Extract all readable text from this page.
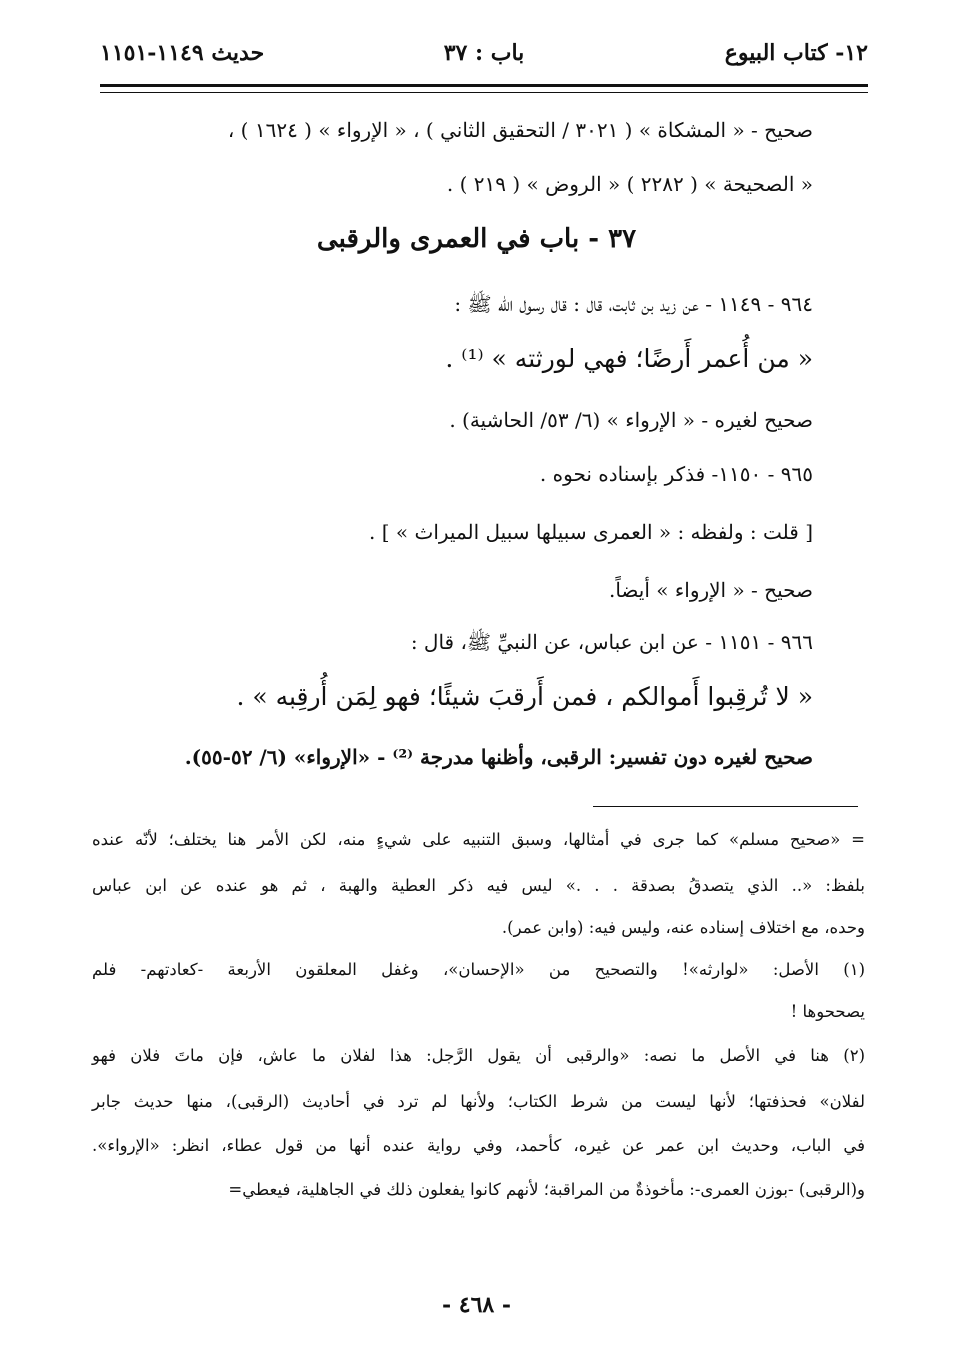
١٢- كتاب البيوع
باب : ٣٧
حديث ١١٤٩-١١٥١
صحيح - « المشكاة » ( ٣٠٢١ / التحقيق الثاني ) ، « الإرواء » ( ١٦٢٤ ) ،
« الصحيحة » ( ٢٢٨٢ ) « الروض » ( ٢١٩ ) .
٣٧ - باب في العمرى والرقبى
٩٦٤ - ١١٤٩ - عن زيد بن ثابت، قال : قال رسول الله ﷺ :
« من أُعمر أَرضًا؛ فهي لورثته » ⁽¹⁾ .
صحيح لغيره - « الإرواء » (٦/ ٥٣/ الحاشية) .
٩٦٥ - ١١٥٠- فذكر بإسناده نحوه .
[ قلت : ولفظه : « العمرى سبيلها سبيل الميراث » ] .
صحيح - « الإرواء » أيضاً.
٩٦٦ - ١١٥١ - عن ابن عباس، عن النبيِّ ﷺ، قال :
« لا تُرقِبوا أَموالكم ، فمن أَرقبَ شيئًا؛ فهو لِمَن أُرقِبه » .
صحيح لغيره دون تفسير: الرقبى، وأظنها مدرجة ⁽²⁾ - «الإرواء» (٦/ ٥٢-٥٥).
= «صحيح مسلم» كما جرى في أمثالها، وسبق التنبيه على شيءٍ منه، لكن الأمر هنا يختلف؛ لأنّه عنده
بلفظ: «.. الذي يتصدقُ بصدقة . . .» ليس فيه ذكر العطية والهبة ، ثم هو عنده عن ابن عباس
وحده، مع اختلاف إسناده عنه، وليس فيه: (وابن عمر).
(١) الأصل: «لوارثه»! والتصحيح من «الإحسان»، وغفل المعلقون الأربعة -كعادتهم- فلم
يصححوها !
(٢) هنا في الأصل ما نصه: «والرقبى أن يقول الرَّجل: هذا لفلان ما عاش، فإن ماتَ فلان فهو
لفلان» فحذفتها؛ لأنها ليست من شرط الكتاب؛ ولأنها لم ترد في أحاديث (الرقبى)، منها حديث جابر
في الباب، وحديث ابن عمر عن غيره، كأحمد، وفي رواية عنده أنها من قول عطاء، انظر: «الإرواء».
و(الرقبى) -بوزن العمرى-: مأخوذةٌ من المراقبة؛ لأنهم كانوا يفعلون ذلك في الجاهلية، فيعطي=
- ٤٦٨ -
